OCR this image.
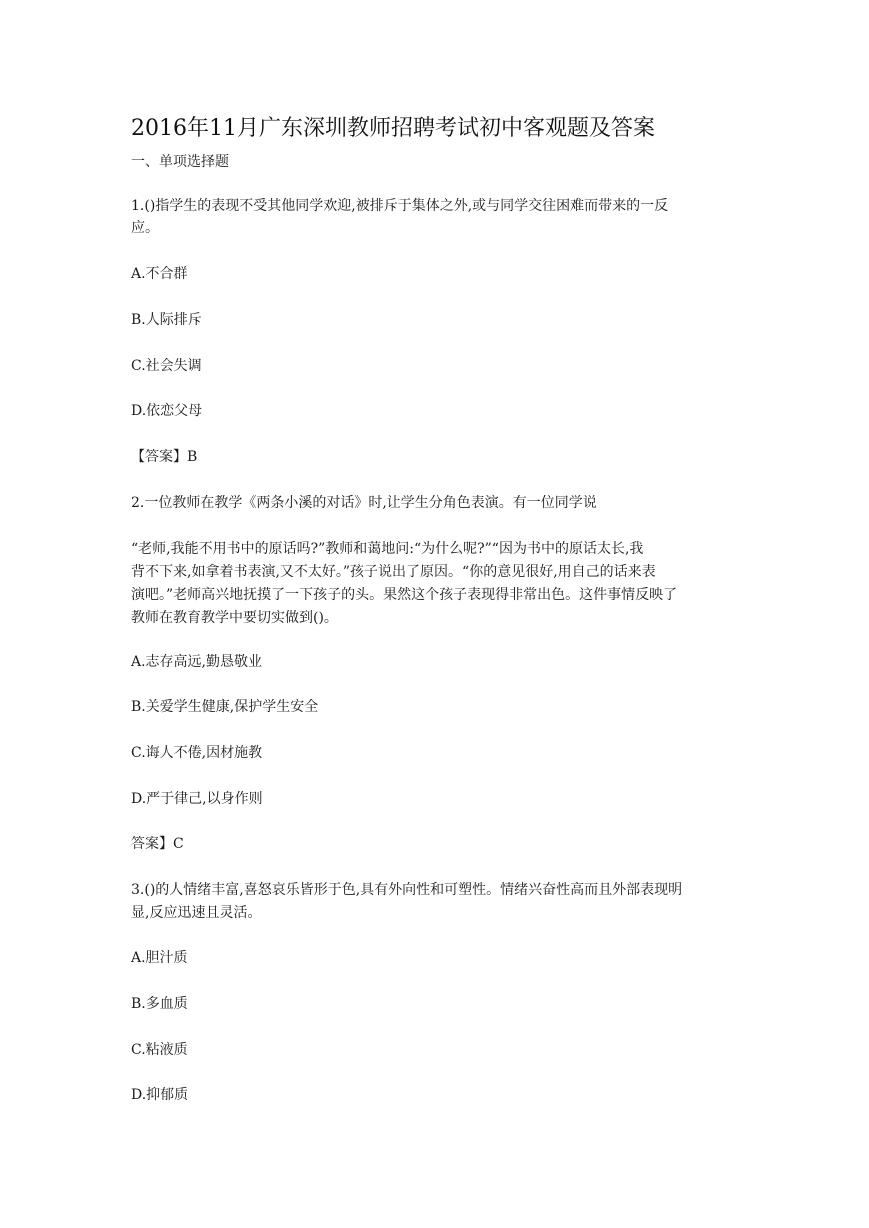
2016年11月广东深圳教师招聘考试初中客观题及答案
一、单项选择题
1.()指学生的表现不受其他同学欢迎,被排斥于集体之外,或与同学交往困难而带来的一反
应。
A.不合群
B.人际排斥
C.社会失调
D.依恋父母
【答案】B
2.一位教师在教学《两条小溪的对话》时,让学生分角色表演。有一位同学说
“老师,我能不用书中的原话吗?”教师和蔼地问:“为什么呢?”“因为书中的原话太长,我
背不下来,如拿着书表演,又不太好。”孩子说出了原因。“你的意见很好,用自己的话来表
演吧。”老师高兴地抚摸了一下孩子的头。果然这个孩子表现得非常出色。这件事情反映了
教师在教育教学中要切实做到()。
A.志存高远,勤恳敬业
B.关爱学生健康,保护学生安全
C.诲人不倦,因材施教
D.严于律己,以身作则
答案】C
3.()的人情绪丰富,喜怒哀乐皆形于色,具有外向性和可塑性。情绪兴奋性高而且外部表现明
显,反应迅速且灵活。
A.胆汁质
B.多血质
C.粘液质
D.抑郁质
